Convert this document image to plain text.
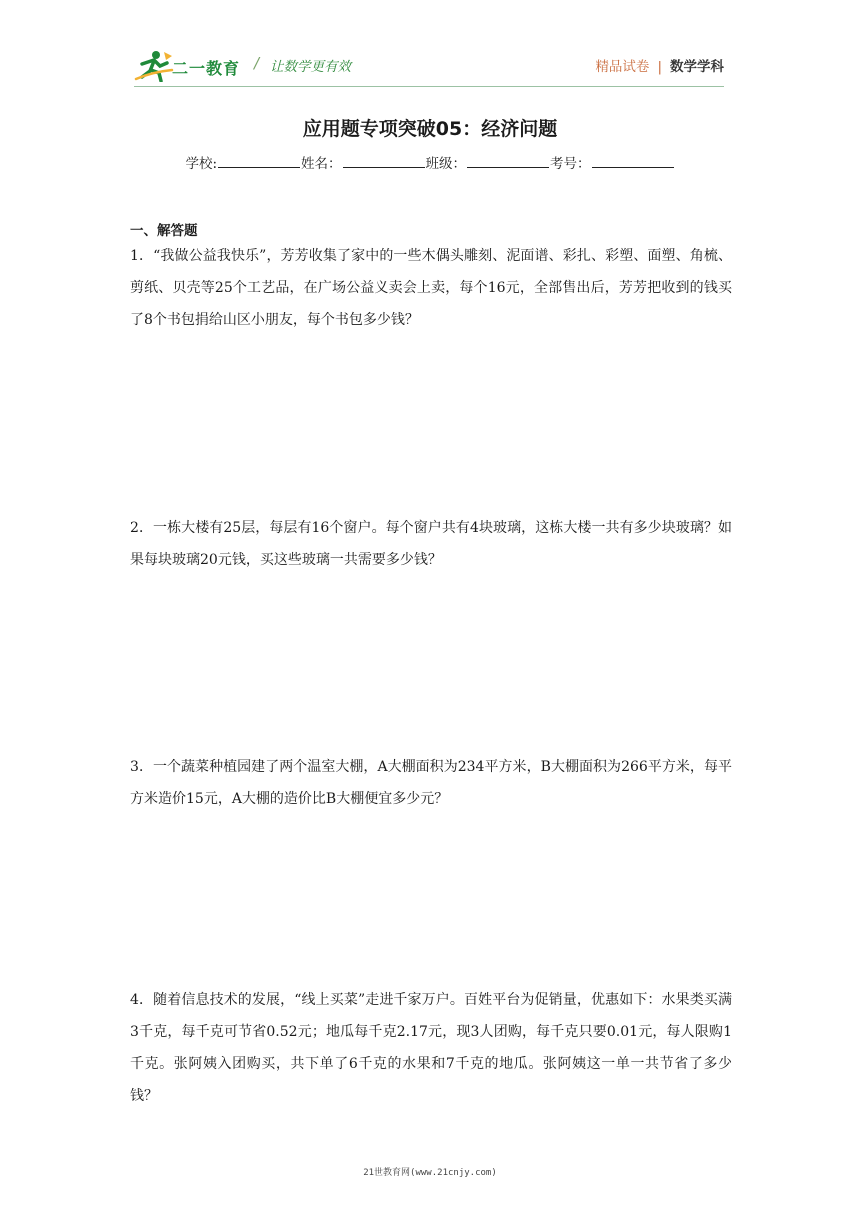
二一教育 / 让数学更有效	精品试卷 | 数学学科
应用题专项突破05：经济问题
学校:	姓名：	班级：	考号：
一、解答题
1．“我做公益我快乐”，芳芳收集了家中的一些木偶头雕刻、泥面谱、彩扎、彩塑、面塑、角梳、剪纸、贝壳等25个工艺品，在广场公益义卖会上卖，每个16元，全部售出后，芳芳把收到的钱买了8个书包捐给山区小朋友，每个书包多少钱？
2．一栋大楼有25层，每层有16个窗户。每个窗户共有4块玻璃，这栋大楼一共有多少块玻璃？如果每块玻璃20元钱，买这些玻璃一共需要多少钱？
3．一个蔬菜种植园建了两个温室大棚，A大棚面积为234平方米，B大棚面积为266平方米，每平方米造价15元，A大棚的造价比B大棚便宜多少元？
4．随着信息技术的发展，“线上买菜”走进千家万户。百姓平台为促销量，优惠如下：水果类买满3千克，每千克可节省0.52元；地瓜每千克2.17元，现3人团购，每千克只要0.01元，每人限购1千克。张阿姨入团购买，共下单了6千克的水果和7千克的地瓜。张阿姨这一单一共节省了多少钱？
21世教育网(www.21cnjy.com)
